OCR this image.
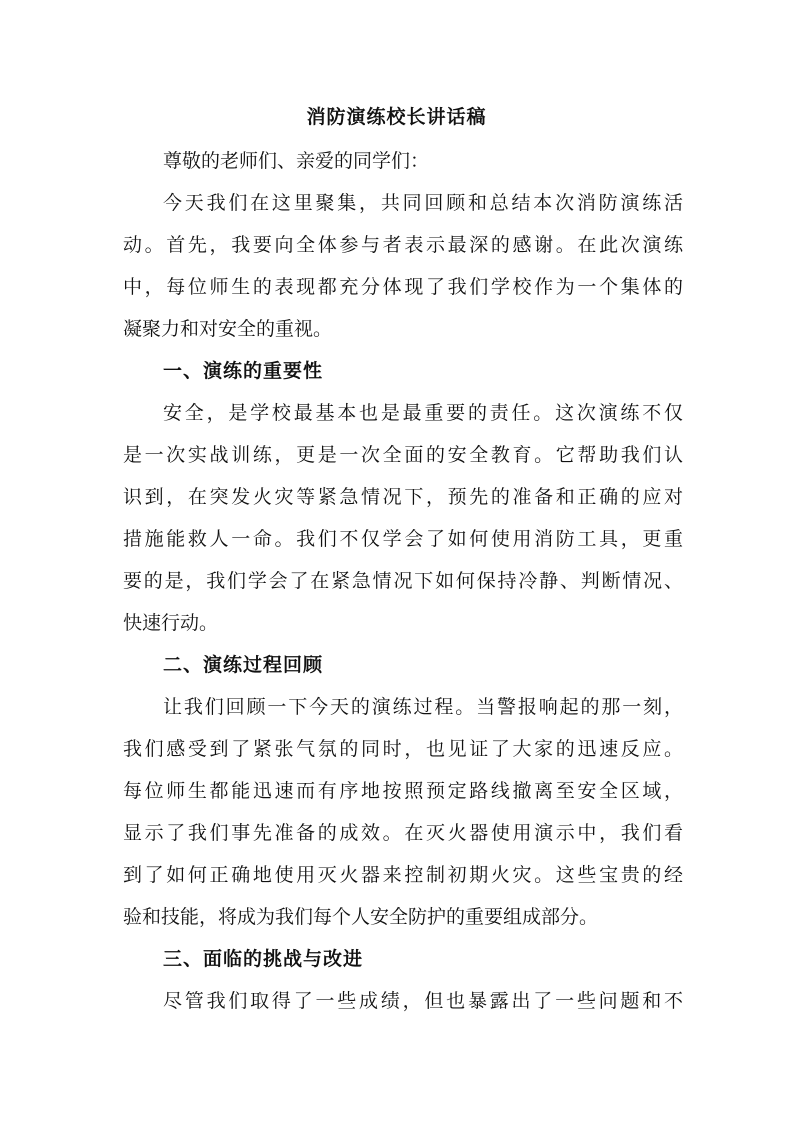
消防演练校长讲话稿
尊敬的老师们、亲爱的同学们：
今天我们在这里聚集，共同回顾和总结本次消防演练活
动。首先，我要向全体参与者表示最深的感谢。在此次演练
中，每位师生的表现都充分体现了我们学校作为一个集体的
凝聚力和对安全的重视。
一、演练的重要性
安全，是学校最基本也是最重要的责任。这次演练不仅
是一次实战训练，更是一次全面的安全教育。它帮助我们认
识到，在突发火灾等紧急情况下，预先的准备和正确的应对
措施能救人一命。我们不仅学会了如何使用消防工具，更重
要的是，我们学会了在紧急情况下如何保持冷静、判断情况、
快速行动。
二、演练过程回顾
让我们回顾一下今天的演练过程。当警报响起的那一刻，
我们感受到了紧张气氛的同时，也见证了大家的迅速反应。
每位师生都能迅速而有序地按照预定路线撤离至安全区域，
显示了我们事先准备的成效。在灭火器使用演示中，我们看
到了如何正确地使用灭火器来控制初期火灾。这些宝贵的经
验和技能，将成为我们每个人安全防护的重要组成部分。
三、面临的挑战与改进
尽管我们取得了一些成绩，但也暴露出了一些问题和不
